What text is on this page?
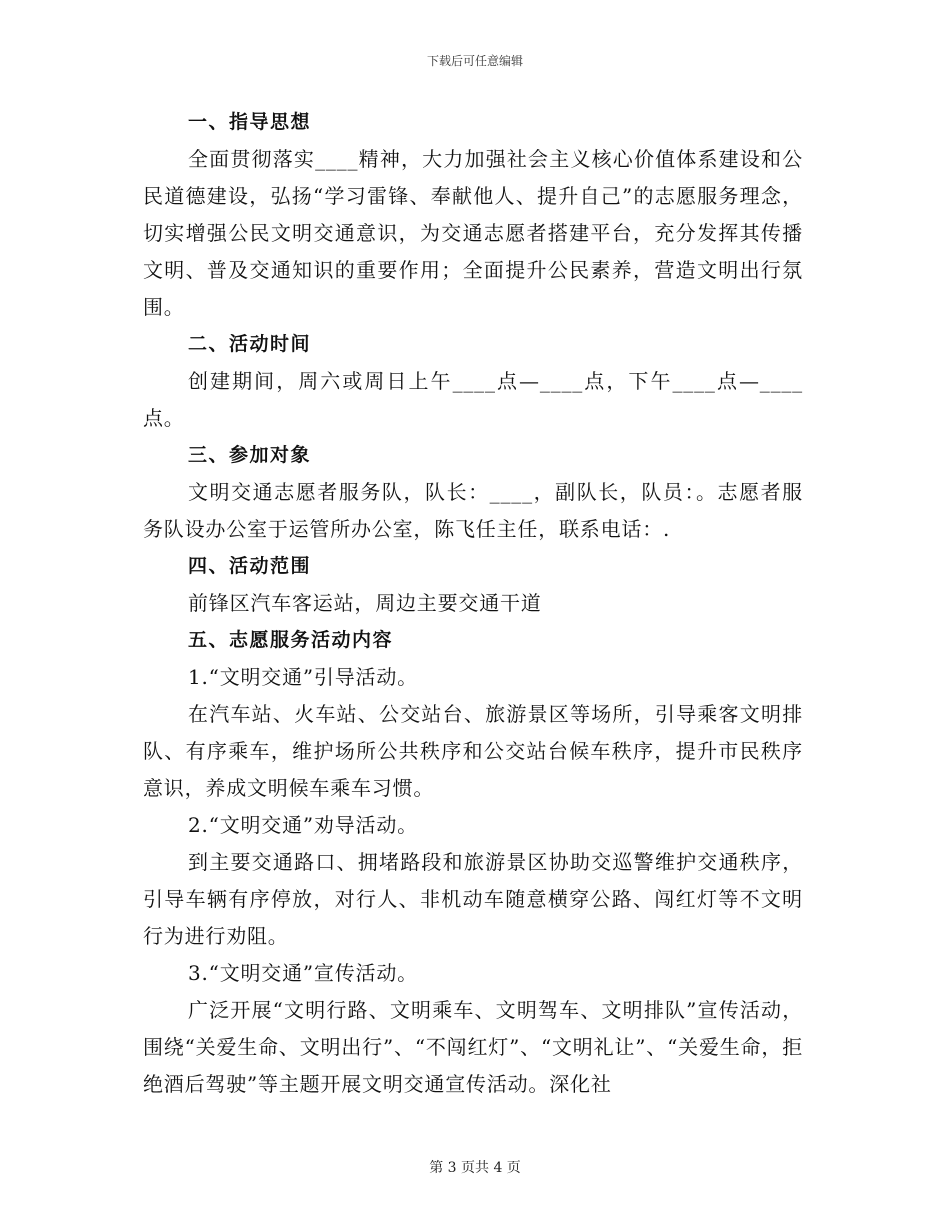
下载后可任意编辑

一、指导思想

全面贯彻落实____精神，大力加强社会主义核心价值体系建设和公民道德建设，弘扬“学习雷锋、奉献他人、提升自己”的志愿服务理念，切实增强公民文明交通意识，为交通志愿者搭建平台，充分发挥其传播文明、普及交通知识的重要作用；全面提升公民素养，营造文明出行氛围。

二、活动时间

创建期间，周六或周日上午____点—____点，下午____点—____点。

三、参加对象

文明交通志愿者服务队，队长：____，副队长，队员：。志愿者服务队设办公室于运管所办公室，陈飞任主任，联系电话：.

四、活动范围

前锋区汽车客运站，周边主要交通干道

五、志愿服务活动内容

1.“文明交通”引导活动。

在汽车站、火车站、公交站台、旅游景区等场所，引导乘客文明排队、有序乘车，维护场所公共秩序和公交站台候车秩序，提升市民秩序意识，养成文明候车乘车习惯。

2.“文明交通”劝导活动。

到主要交通路口、拥堵路段和旅游景区协助交巡警维护交通秩序，引导车辆有序停放，对行人、非机动车随意横穿公路、闯红灯等不文明行为进行劝阻。

3.“文明交通”宣传活动。

广泛开展“文明行路、文明乘车、文明驾车、文明排队”宣传活动，围绕“关爱生命、文明出行”、“不闯红灯”、“文明礼让”、“关爱生命，拒绝酒后驾驶”等主题开展文明交通宣传活动。深化社

第 3 页共 4 页
